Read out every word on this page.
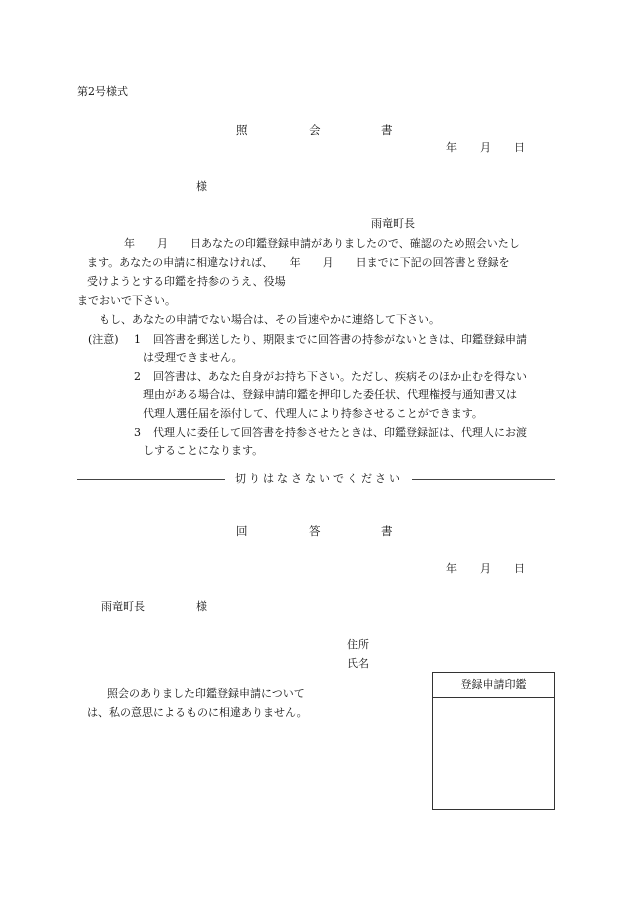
第2号様式
照	会	書
年 月 日
様
雨竜町長
年　　月　　日あなたの印鑑登録申請がありましたので、確認のため照会いたし
ます。あなたの申請に相違なければ、　　年　　月　　日までに下記の回答書と登録を
受けようとする印鑑を持参のうえ、役場
までおいで下さい。
もし、あなたの申請でない場合は、その旨速やかに連絡して下さい。
(注意) 1 回答書を郵送したり、期限までに回答書の持参がないときは、印鑑登録申請
は受理できません。
2 回答書は、あなた自身がお持ち下さい。ただし、疾病そのほか止むを得ない
理由がある場合は、登録申請印鑑を押印した委任状、代理権授与通知書又は
代理人選任届を添付して、代理人により持参させることができます。
3 代理人に委任して回答書を持参させたときは、印鑑登録証は、代理人にお渡
しすることになります。
切りはなさないでください
回	答	書
年 月 日
雨竜町長	様
住所
氏名
照会のありました印鑑登録申請について
は、私の意思によるものに相違ありません。
登録申請印鑑
